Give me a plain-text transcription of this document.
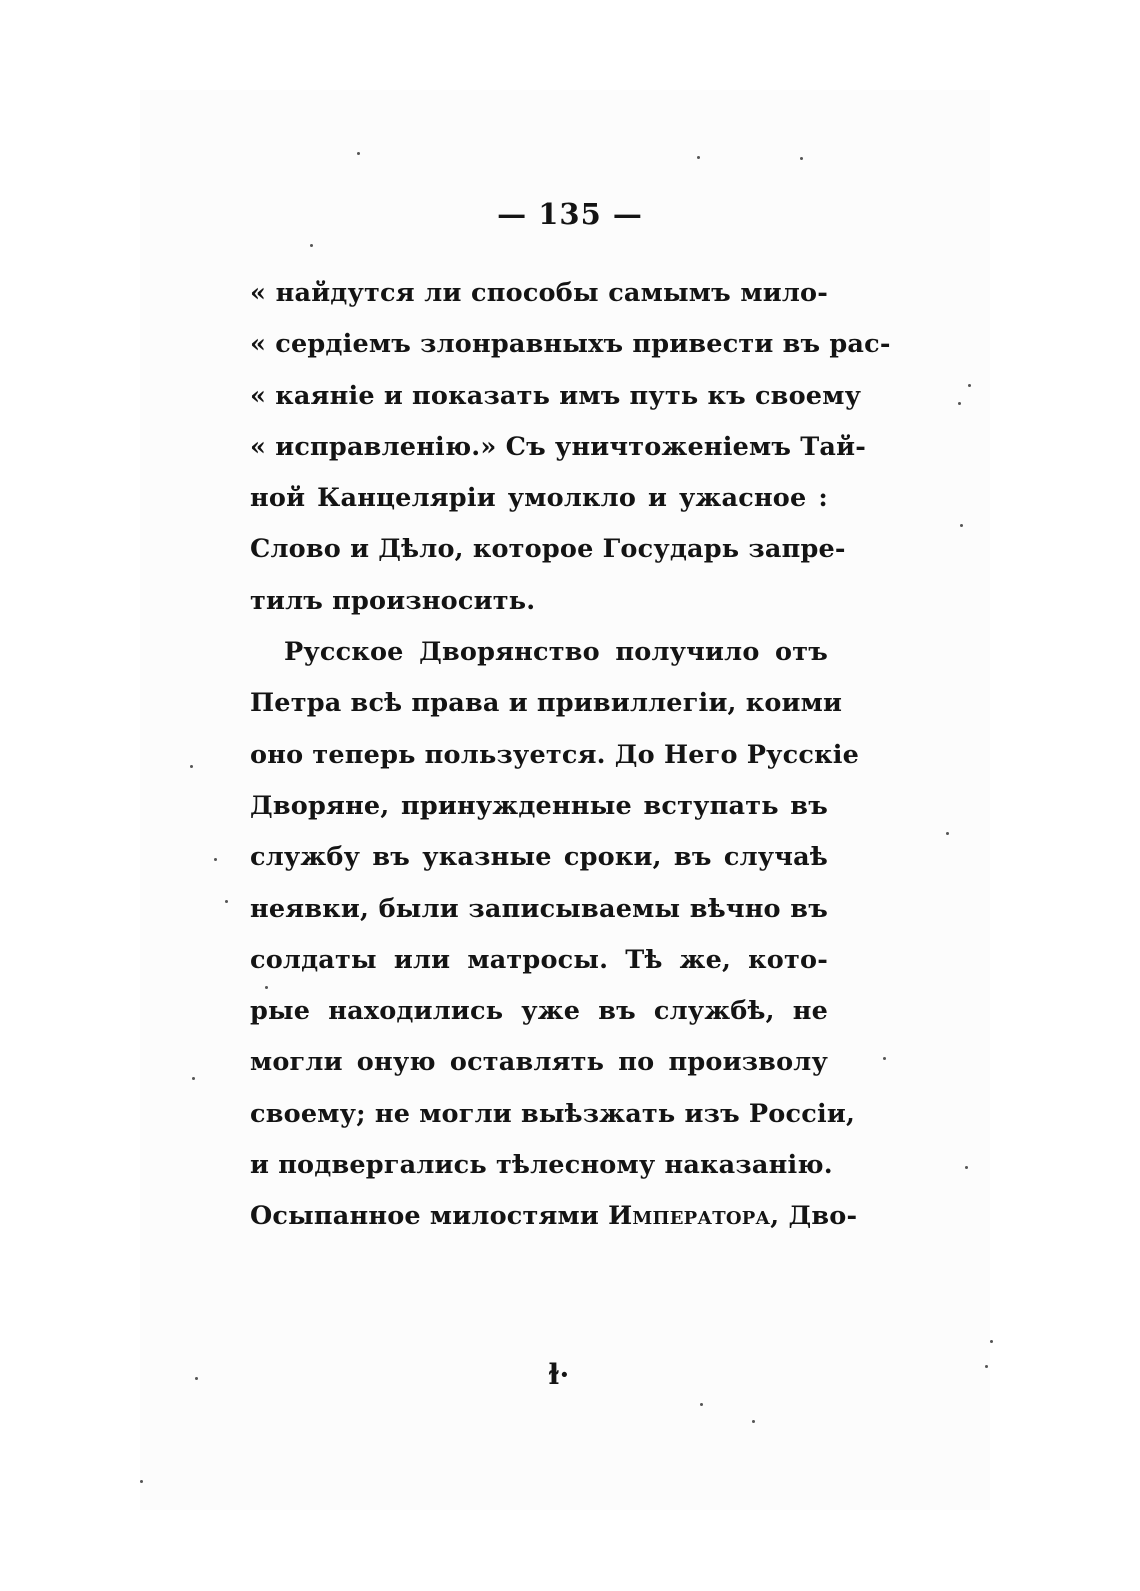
— 135 —
« найдутся ли способы самымъ мило-
« сердіемъ злонравныхъ привести въ рас-
« каяніе и показать имъ путь къ своему
« исправленію.» Съ уничтоженіемъ Тай-
ной Канцеляріи умолкло и ужасное :
Слово и Дѣло, которое Государь запре-
тилъ произносить.
Русское Дворянство получило отъ
Петра всѣ права и привиллегіи, коими
оно теперь пользуется. До Него Русскіе
Дворяне, принужденные вступать въ
службу въ указные сроки, въ случаѣ
неявки, были записываемы вѣчно въ
солдаты или матросы. Тѣ же, кото-
рые находились уже въ службѣ, не
могли оную оставлять по произволу
своему; не могли выѣзжать изъ Россіи,
и подвергались тѣлесному наказанію.
Осыпанное милостями Императора, Дво-
ɫ·
